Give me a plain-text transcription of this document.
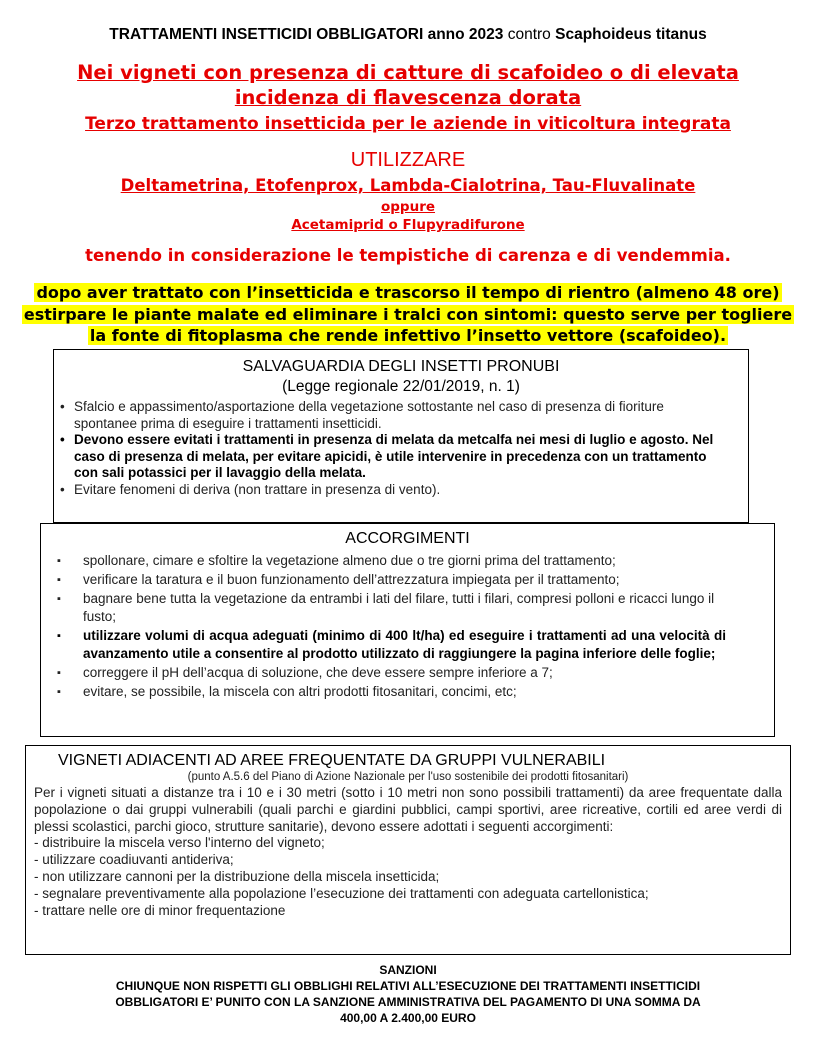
TRATTAMENTI INSETTICIDI OBBLIGATORI anno 2023 contro Scaphoideus titanus
Nei vigneti con presenza di catture di scafoideo o di elevata
incidenza di flavescenza dorata
Terzo trattamento insetticida per le aziende in viticoltura integrata
UTILIZZARE
Deltametrina, Etofenprox, Lambda-Cialotrina, Tau-Fluvalinate
oppure
Acetamiprid o Flupyradifurone
tenendo in considerazione le tempistiche di carenza e di vendemmia.
dopo aver trattato con l’insetticida e trascorso il tempo di rientro (almeno 48 ore)
estirpare le piante malate ed eliminare i tralci con sintomi: questo serve per togliere
la fonte di fitoplasma che rende infettivo l’insetto vettore (scafoideo).
SALVAGUARDIA DEGLI INSETTI PRONUBI
(Legge regionale 22/01/2019, n. 1)
• Sfalcio e appassimento/asportazione della vegetazione sottostante nel caso di presenza di fioriture spontanee prima di eseguire i trattamenti insetticidi.
• Devono essere evitati i trattamenti in presenza di melata da metcalfa nei mesi di luglio e agosto. Nel caso di presenza di melata, per evitare apicidi, è utile intervenire in precedenza con un trattamento con sali potassici per il lavaggio della melata.
• Evitare fenomeni di deriva (non trattare in presenza di vento).
ACCORGIMENTI
▪ spollonare, cimare e sfoltire la vegetazione almeno due o tre giorni prima del trattamento;
▪ verificare la taratura e il buon funzionamento dell’attrezzatura impiegata per il trattamento;
▪ bagnare bene tutta la vegetazione da entrambi i lati del filare, tutti i filari, compresi polloni e ricacci lungo il fusto;
▪ utilizzare volumi di acqua adeguati (minimo di 400 lt/ha) ed eseguire i trattamenti ad una velocità di avanzamento utile a consentire al prodotto utilizzato di raggiungere la pagina inferiore delle foglie;
▪ correggere il pH dell’acqua di soluzione, che deve essere sempre inferiore a 7;
▪ evitare, se possibile, la miscela con altri prodotti fitosanitari, concimi, etc;
VIGNETI ADIACENTI AD AREE FREQUENTATE DA GRUPPI VULNERABILI
(punto A.5.6 del Piano di Azione Nazionale per l'uso sostenibile dei prodotti fitosanitari)

Per i vigneti situati a distanze tra i 10 e i 30 metri (sotto i 10 metri non sono possibili trattamenti) da aree frequentate dalla popolazione o dai gruppi vulnerabili (quali parchi e giardini pubblici, campi sportivi, aree ricreative, cortili ed aree verdi di plessi scolastici, parchi gioco, strutture sanitarie), devono essere adottati i seguenti accorgimenti:

- distribuire la miscela verso l'interno del vigneto;

- utilizzare coadiuvanti antideriva;

- non utilizzare cannoni per la distribuzione della miscela insetticida;

- segnalare preventivamente alla popolazione l’esecuzione dei trattamenti con adeguata cartellonistica;

- trattare nelle ore di minor frequentazione

SANZIONI
CHIUNQUE NON RISPETTI GLI OBBLIGHI RELATIVI ALL’ESECUZIONE DEI TRATTAMENTI INSETTICIDI
OBBLIGATORI E’ PUNITO CON LA SANZIONE AMMINISTRATIVA DEL PAGAMENTO DI UNA SOMMA DA
400,00 A 2.400,00 EURO
